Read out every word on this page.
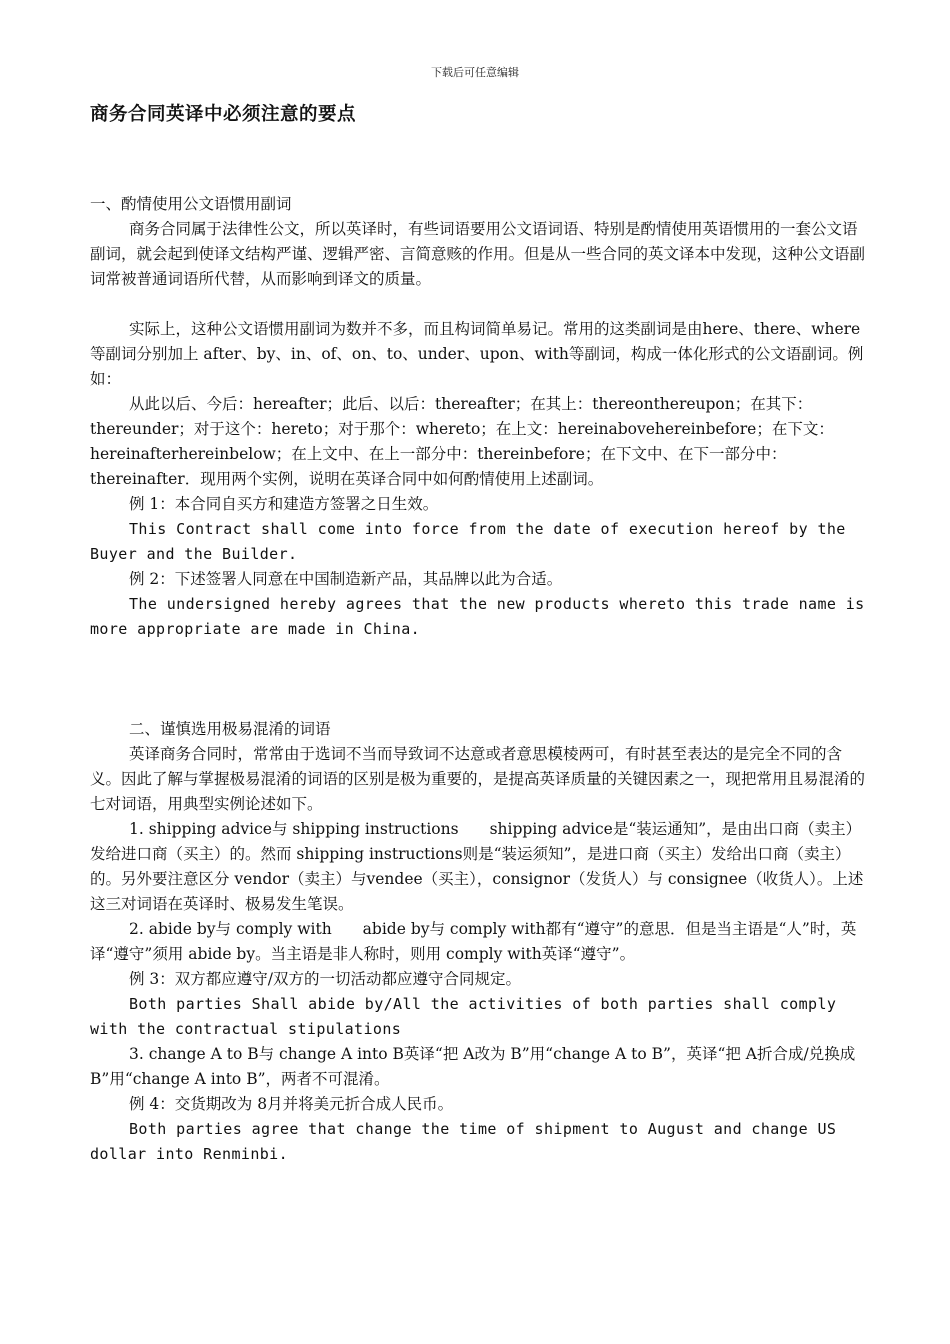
下载后可任意编辑
商务合同英译中必须注意的要点

一、酌情使用公文语惯用副词

商务合同属于法律性公文，所以英译时，有些词语要用公文语词语、特别是酌情使用英语惯用的一套公文语副词，就会起到使译文结构严谨、逻辑严密、言简意赅的作用。但是从一些合同的英文译本中发现，这种公文语副词常被普通词语所代替，从而影响到译文的质量。

实际上，这种公文语惯用副词为数并不多，而且构词简单易记。常用的这类副词是由here、there、where等副词分别加上 after、by、in、of、on、to、under、upon、with等副词，构成一体化形式的公文语副词。例如：

从此以后、今后：hereafter；此后、以后：thereafter；在其上：thereonthereupon；在其下：thereunder；对于这个：hereto；对于那个：whereto；在上文：hereinabovehereinbefore；在下文：hereinafterhereinbelow；在上文中、在上一部分中：thereinbefore；在下文中、在下一部分中：thereinafter．现用两个实例，说明在英译合同中如何酌情使用上述副词。

例 1：本合同自买方和建造方签署之日生效。

This Contract shall come into force from the date of execution hereof by the Buyer and the Builder.

例 2：下述签署人同意在中国制造新产品，其品牌以此为合适。

The undersigned hereby agrees that the new products whereto this trade name is more appropriate are made in China.

二、谨慎选用极易混淆的词语

英译商务合同时，常常由于选词不当而导致词不达意或者意思模棱两可，有时甚至表达的是完全不同的含义。因此了解与掌握极易混淆的词语的区别是极为重要的，是提高英译质量的关键因素之一，现把常用且易混淆的七对词语，用典型实例论述如下。

1. shipping advice与 shipping instructions　　shipping advice是“装运通知”，是由出口商（卖主）发给进口商（买主）的。然而 shipping instructions则是“装运须知”，是进口商（买主）发给出口商（卖主）的。另外要注意区分 vendor（卖主）与vendee（买主），consignor（发货人）与 consignee（收货人）。上述这三对词语在英译时、极易发生笔误。

2. abide by与 comply with　　abide by与 comply with都有“遵守”的意思．但是当主语是“人”时，英译“遵守”须用 abide by。当主语是非人称时，则用 comply with英译“遵守”。

例 3：双方都应遵守/双方的一切活动都应遵守合同规定。

Both parties Shall abide by/All the activities of both parties shall comply with the contractual stipulations

3. change A to B与 change A into B英译“把 A改为 B”用“change A to B”，英译“把 A折合成/兑换成 B”用“change A into B”，两者不可混淆。

例 4：交货期改为 8月并将美元折合成人民币。

Both parties agree that change the time of shipment to August and change US dollar into Renminbi.
